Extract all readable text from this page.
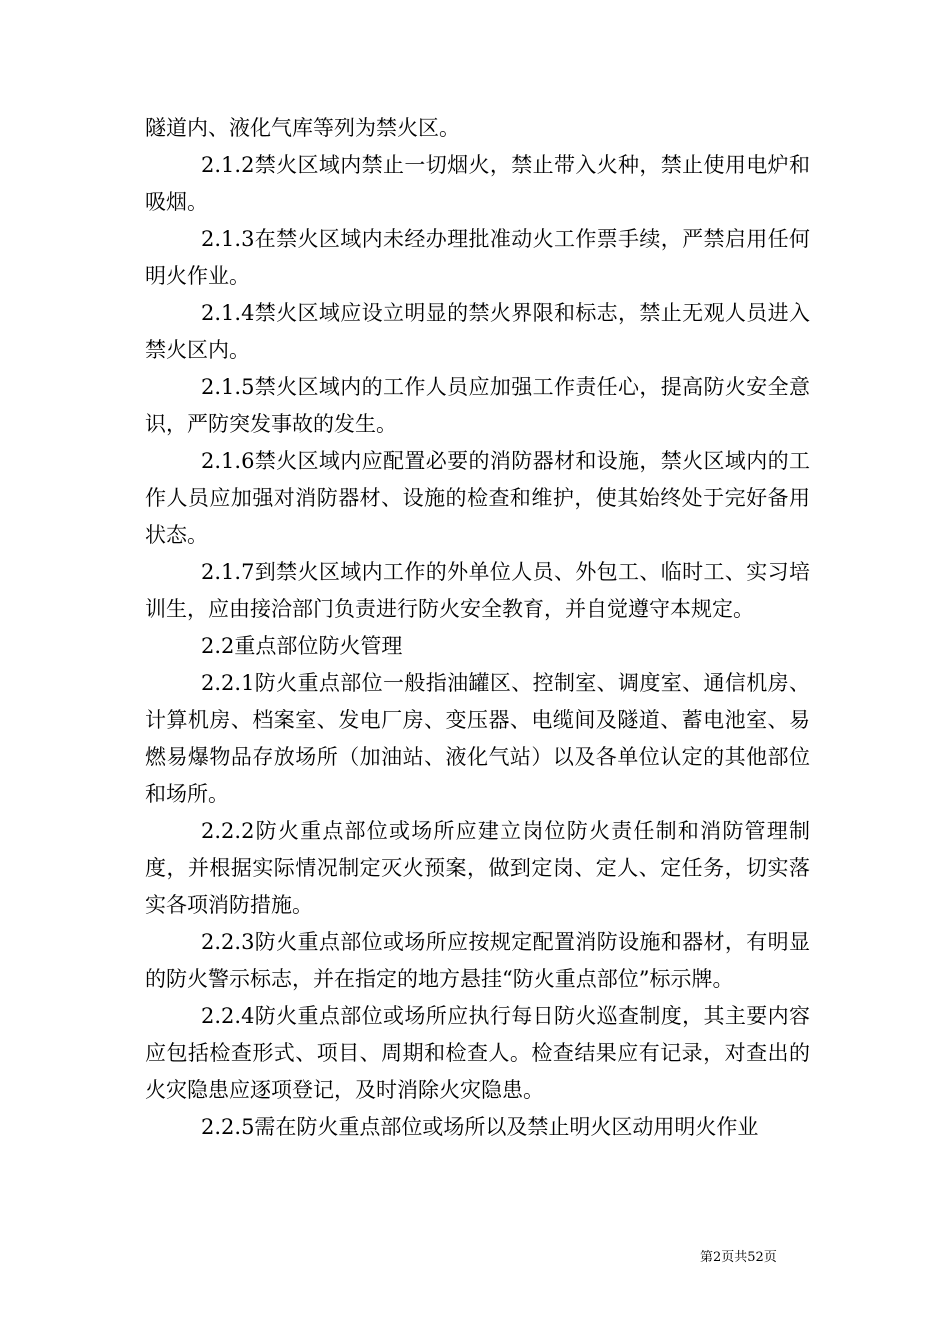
隧道内、液化气库等列为禁火区。

2.1.2禁火区域内禁止一切烟火，禁止带入火种，禁止使用电炉和吸烟。

2.1.3在禁火区域内未经办理批准动火工作票手续，严禁启用任何明火作业。

2.1.4禁火区域应设立明显的禁火界限和标志，禁止无观人员进入禁火区内。

2.1.5禁火区域内的工作人员应加强工作责任心，提高防火安全意识，严防突发事故的发生。

2.1.6禁火区域内应配置必要的消防器材和设施，禁火区域内的工作人员应加强对消防器材、设施的检查和维护，使其始终处于完好备用状态。

2.1.7到禁火区域内工作的外单位人员、外包工、临时工、实习培训生，应由接洽部门负责进行防火安全教育，并自觉遵守本规定。

2.2重点部位防火管理

2.2.1防火重点部位一般指油罐区、控制室、调度室、通信机房、计算机房、档案室、发电厂房、变压器、电缆间及隧道、蓄电池室、易燃易爆物品存放场所（加油站、液化气站）以及各单位认定的其他部位和场所。

2.2.2防火重点部位或场所应建立岗位防火责任制和消防管理制度，并根据实际情况制定灭火预案，做到定岗、定人、定任务，切实落实各项消防措施。

2.2.3防火重点部位或场所应按规定配置消防设施和器材，有明显的防火警示标志，并在指定的地方悬挂“防火重点部位”标示牌。

2.2.4防火重点部位或场所应执行每日防火巡查制度，其主要内容应包括检查形式、项目、周期和检查人。检查结果应有记录，对查出的火灾隐患应逐项登记，及时消除火灾隐患。

2.2.5需在防火重点部位或场所以及禁止明火区动用明火作业

第2页共52页
